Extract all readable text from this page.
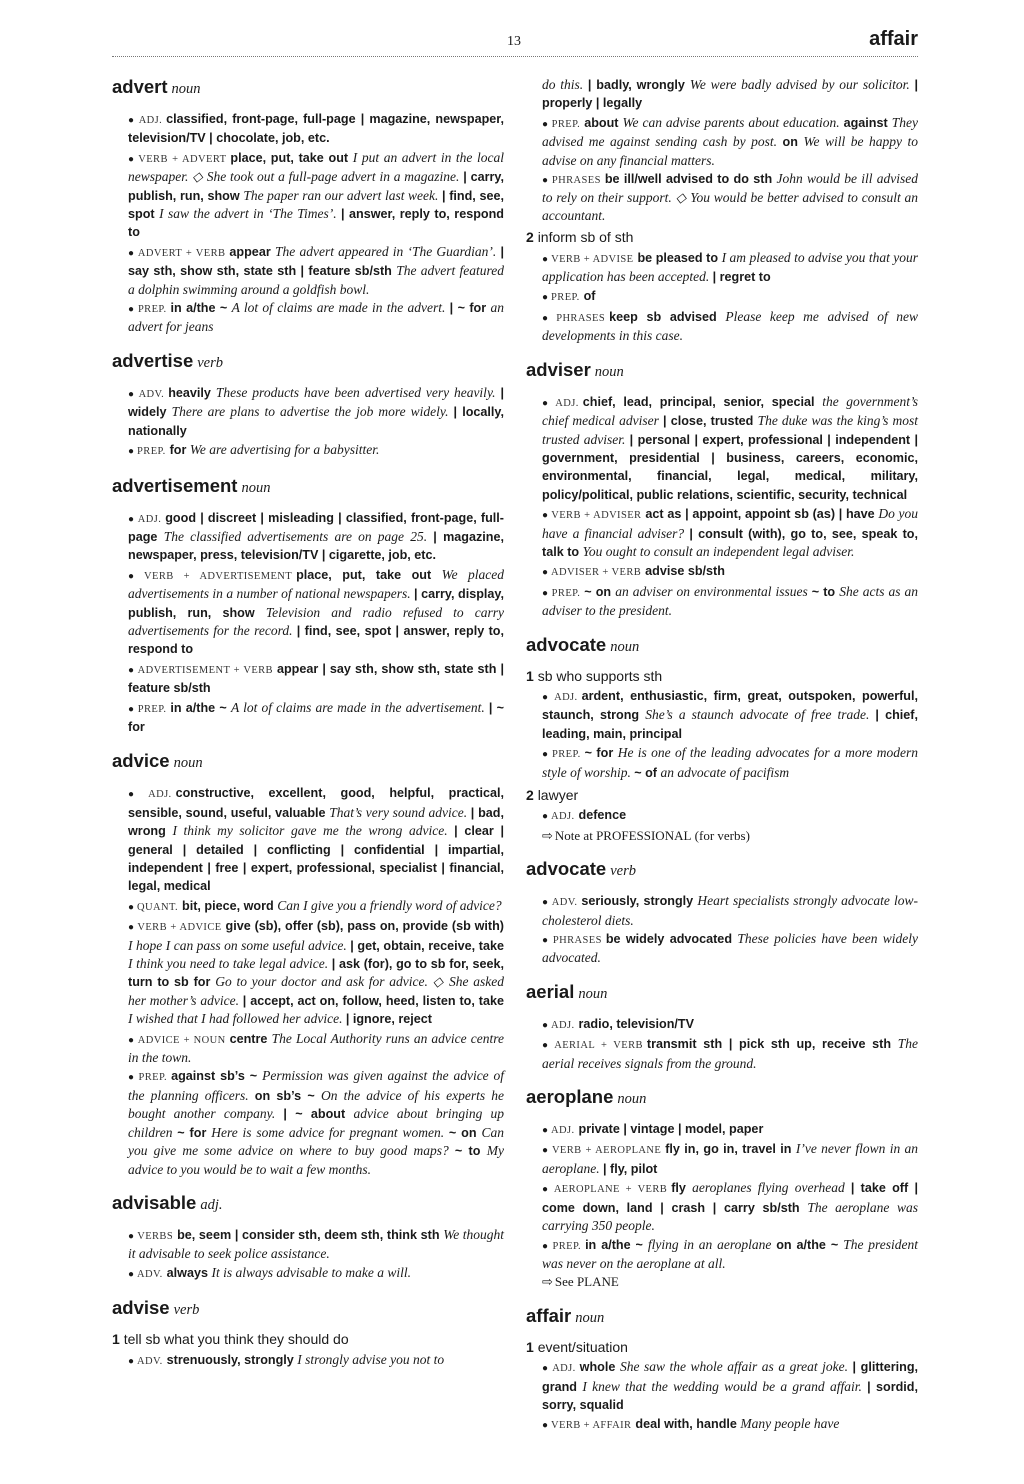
13	affair
advert noun
● ADJ. classified, front-page, full-page | magazine, newspaper, television/TV | chocolate, job, etc.
● VERB + ADVERT place, put, take out I put an advert in the local newspaper. ◇ She took out a full-page advert in a magazine. | carry, publish, run, show The paper ran our advert last week. | find, see, spot I saw the advert in ‘The Times’. | answer, reply to, respond to
● ADVERT + VERB appear The advert appeared in ‘The Guardian’. | say sth, show sth, state sth | feature sb/sth The advert featured a dolphin swimming around a goldfish bowl.
● PREP. in a/the ~ A lot of claims are made in the advert. | ~ for an advert for jeans
advertise verb
● ADV. heavily These products have been advertised very heavily. | widely There are plans to advertise the job more widely. | locally, nationally
● PREP. for We are advertising for a babysitter.
advertisement noun
● ADJ. good | discreet | misleading | classified, front-page, full-page The classified advertisements are on page 25. | magazine, newspaper, press, television/TV | cigarette, job, etc.
● VERB + ADVERTISEMENT place, put, take out We placed advertisements in a number of national newspapers. | carry, display, publish, run, show Television and radio refused to carry advertisements for the record. | find, see, spot | answer, reply to, respond to
● ADVERTISEMENT + VERB appear | say sth, show sth, state sth | feature sb/sth
● PREP. in a/the ~ A lot of claims are made in the advertisement. | ~ for
advice noun
● ADJ. constructive, excellent, good, helpful, practical, sensible, sound, useful, valuable That’s very sound advice. | bad, wrong I think my solicitor gave me the wrong advice. | clear | general | detailed | conflicting | confidential | impartial, independent | free | expert, professional, specialist | financial, legal, medical
● QUANT. bit, piece, word Can I give you a friendly word of advice?
● VERB + ADVICE give (sb), offer (sb), pass on, provide (sb with) I hope I can pass on some useful advice. | get, obtain, receive, take I think you need to take legal advice. | ask (for), go to sb for, seek, turn to sb for Go to your doctor and ask for advice. ◇ She asked her mother’s advice. | accept, act on, follow, heed, listen to, take I wished that I had followed her advice. | ignore, reject
● ADVICE + NOUN centre The Local Authority runs an advice centre in the town.
● PREP. against sb’s ~ Permission was given against the advice of the planning officers. on sb’s ~ On the advice of his experts he bought another company. | ~ about advice about bringing up children ~ for Here is some advice for pregnant women. ~ on Can you give me some advice on where to buy good maps? ~ to My advice to you would be to wait a few months.
advisable adj.
● VERBS be, seem | consider sth, deem sth, think sth We thought it advisable to seek police assistance.
● ADV. always It is always advisable to make a will.
advise verb
1 tell sb what you think they should do
● ADV. strenuously, strongly I strongly advise you not to
do this. | badly, wrongly We were badly advised by our solicitor. | properly | legally
● PREP. about We can advise parents about education. against They advised me against sending cash by post. on We will be happy to advise on any financial matters.
● PHRASES be ill/well advised to do sth John would be ill advised to rely on their support. ◇ You would be better advised to consult an accountant.
2 inform sb of sth
● VERB + ADVISE be pleased to I am pleased to advise you that your application has been accepted. | regret to
● PREP. of
● PHRASES keep sb advised Please keep me advised of new developments in this case.
adviser noun
● ADJ. chief, lead, principal, senior, special the government’s chief medical adviser | close, trusted The duke was the king’s most trusted adviser. | personal | expert, professional | independent | government, presidential | business, careers, economic, environmental, financial, legal, medical, military, policy/political, public relations, scientific, security, technical
● VERB + ADVISER act as | appoint, appoint sb (as) | have Do you have a financial adviser? | consult (with), go to, see, speak to, talk to You ought to consult an independent legal adviser.
● ADVISER + VERB advise sb/sth
● PREP. ~ on an adviser on environmental issues ~ to She acts as an adviser to the president.
advocate noun
1 sb who supports sth
● ADJ. ardent, enthusiastic, firm, great, outspoken, powerful, staunch, strong She’s a staunch advocate of free trade. | chief, leading, main, principal
● PREP. ~ for He is one of the leading advocates for a more modern style of worship. ~ of an advocate of pacifism
2 lawyer
● ADJ. defence
⇨ Note at PROFESSIONAL (for verbs)
advocate verb
● ADV. seriously, strongly Heart specialists strongly advocate low-cholesterol diets.
● PHRASES be widely advocated These policies have been widely advocated.
aerial noun
● ADJ. radio, television/TV
● AERIAL + VERB transmit sth | pick sth up, receive sth The aerial receives signals from the ground.
aeroplane noun
● ADJ. private | vintage | model, paper
● VERB + AEROPLANE fly in, go in, travel in I’ve never flown in an aeroplane. | fly, pilot
● AEROPLANE + VERB fly aeroplanes flying overhead | take off | come down, land | crash | carry sb/sth The aeroplane was carrying 350 people.
● PREP. in a/the ~ flying in an aeroplane on a/the ~ The president was never on the aeroplane at all.
⇨ See PLANE
affair noun
1 event/situation
● ADJ. whole She saw the whole affair as a great joke. | glittering, grand I knew that the wedding would be a grand affair. | sordid, sorry, squalid
● VERB + AFFAIR deal with, handle Many people have
